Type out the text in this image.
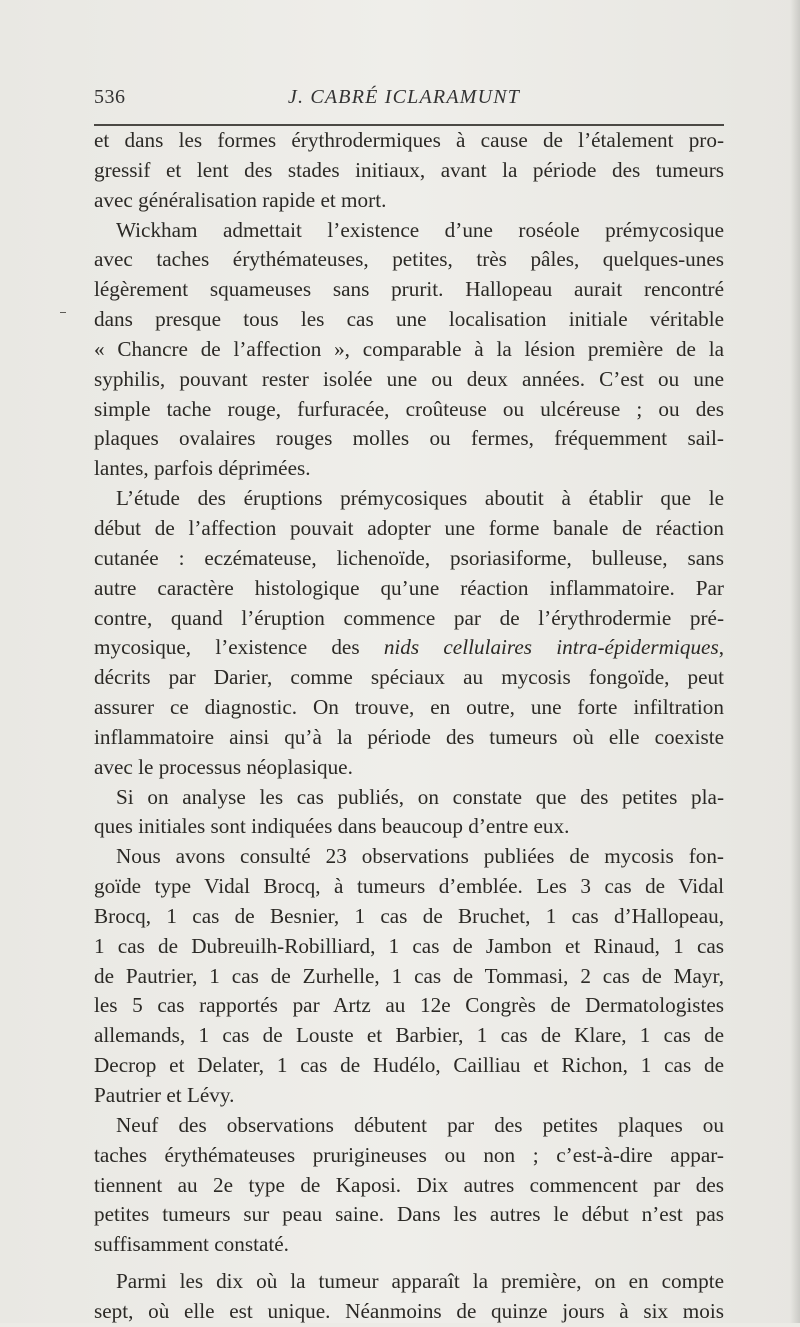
536	J. CABRÉ ICLARAMUNT
et dans les formes érythrodermiques à cause de l’étalement pro-
gressif et lent des stades initiaux, avant la période des tumeurs
avec généralisation rapide et mort.
Wickham admettait l’existence d’une roséole prémycosique
avec taches érythémateuses, petites, très pâles, quelques-unes
légèrement squameuses sans prurit. Hallopeau aurait rencontré
dans presque tous les cas une localisation initiale véritable
« Chancre de l’affection », comparable à la lésion première de la
syphilis, pouvant rester isolée une ou deux années. C’est ou une
simple tache rouge, furfuracée, croûteuse ou ulcéreuse ; ou des
plaques ovalaires rouges molles ou fermes, fréquemment sail-
lantes, parfois déprimées.
L’étude des éruptions prémycosiques aboutit à établir que le
début de l’affection pouvait adopter une forme banale de réaction
cutanée : eczémateuse, lichenoïde, psoriasiforme, bulleuse, sans
autre caractère histologique qu’une réaction inflammatoire. Par
contre, quand l’éruption commence par de l’érythrodermie pré-
mycosique, l’existence des nids cellulaires intra-épidermiques,
décrits par Darier, comme spéciaux au mycosis fongoïde, peut
assurer ce diagnostic. On trouve, en outre, une forte infiltration
inflammatoire ainsi qu’à la période des tumeurs où elle coexiste
avec le processus néoplasique.
Si on analyse les cas publiés, on constate que des petites pla-
ques initiales sont indiquées dans beaucoup d’entre eux.
Nous avons consulté 23 observations publiées de mycosis fon-
goïde type Vidal Brocq, à tumeurs d’emblée. Les 3 cas de Vidal
Brocq, 1 cas de Besnier, 1 cas de Bruchet, 1 cas d’Hallopeau,
1 cas de Dubreuilh-Robilliard, 1 cas de Jambon et Rinaud, 1 cas
de Pautrier, 1 cas de Zurhelle, 1 cas de Tommasi, 2 cas de Mayr,
les 5 cas rapportés par Artz au 12e Congrès de Dermatologistes
allemands, 1 cas de Louste et Barbier, 1 cas de Klare, 1 cas de
Decrop et Delater, 1 cas de Hudélo, Cailliau et Richon, 1 cas de
Pautrier et Lévy.
Neuf des observations débutent par des petites plaques ou
taches érythémateuses prurigineuses ou non ; c’est-à-dire appar-
tiennent au 2e type de Kaposi. Dix autres commencent par des
petites tumeurs sur peau saine. Dans les autres le début n’est pas
suffisamment constaté.
Parmi les dix où la tumeur apparaît la première, on en compte
sept, où elle est unique. Néanmoins de quinze jours à six mois
